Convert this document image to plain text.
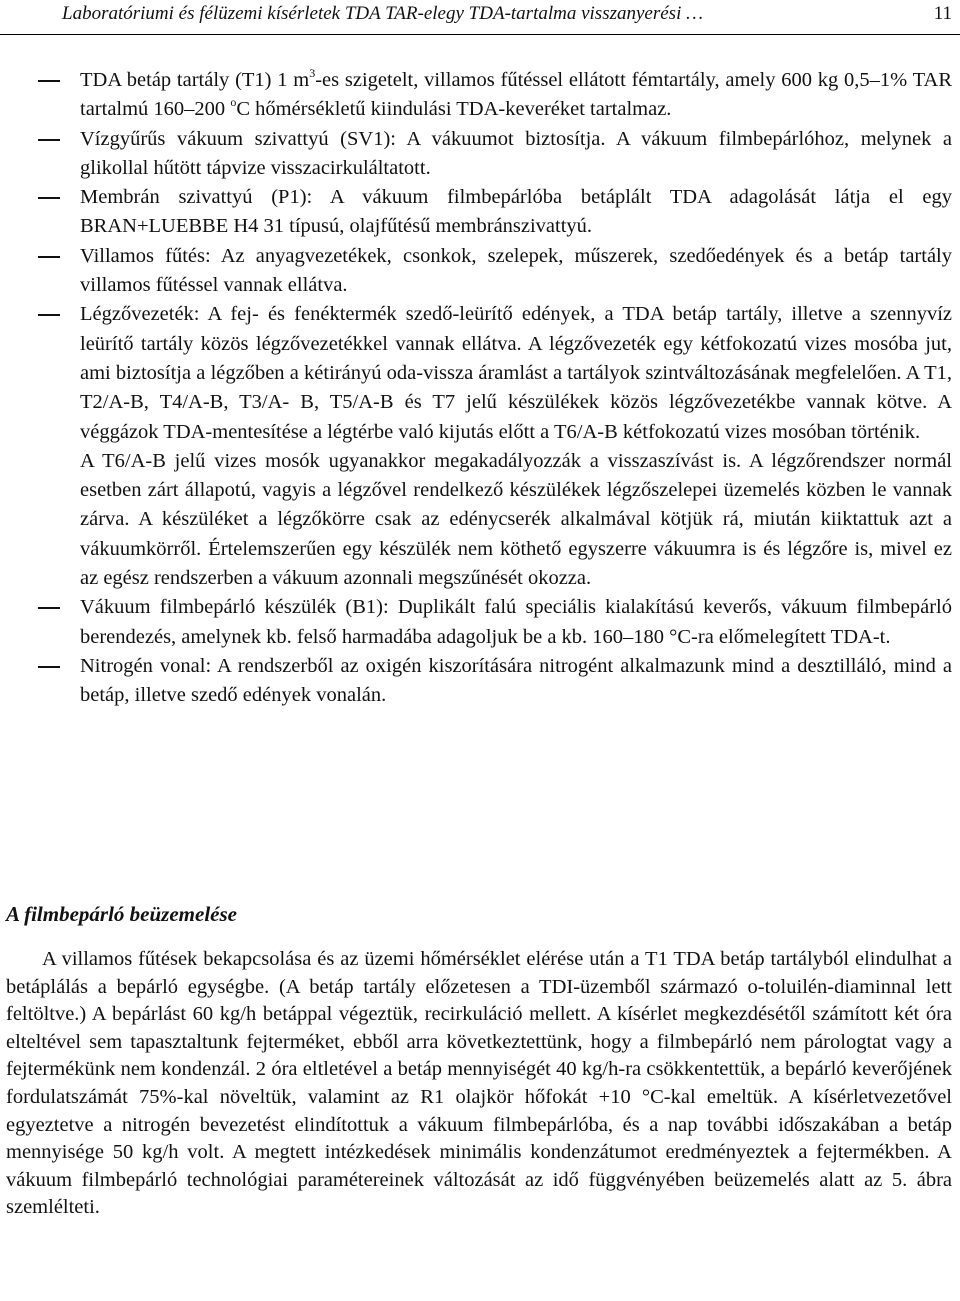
Laboratóriumi és félüzemi kísérletek TDA TAR-elegy TDA-tartalma visszanyerési …	11

TDA betáp tartály (T1) 1 $m^3-es$ szigetelt, villamos fűtéssel ellátott fémtartály, amely 600 kg 0,5–1% TAR tartalmú 160–200 $^o$C hőmérsékletű kiindulási TDA-keveréket tartalmaz.

Vízgyűrűs vákuum szivattyú (SV1): A vákuumot biztosítja. A vákuum filmbepárlóhoz, melynek a glikollal hűtött tápvize visszacirkuláltatott.

Membrán szivattyú (P1): A vákuum filmbepárlóba betáplált TDA adagolását látja el egy BRAN+LUEBBE H4 31 típusú, olajfűtésű membránszivattyú.

Villamos fűtés: Az anyagvezetékek, csonkok, szelepek, műszerek, szedőedények és a betáp tartály villamos fűtéssel vannak ellátva.

Légzővezeték: A fej- és fenéktermék szedő-leürítő edények, a TDA betáp tartály, illetve a szennyvíz leürítő tartály közös légzővezetékkel vannak ellátva. A légzővezeték egy kétfokozatú vizes mosóba jut, ami biztosítja a légzőben a kétirányú oda-vissza áramlást a tartályok szintváltozásának megfelelően. A T1, T2/A-B, T4/A-B, T3/A- B, T5/A-B és T7 jelű készülékek közös légzővezetékbe vannak kötve. A véggázok TDA-mentesítése a légtérbe való kijutás előtt a T6/A-B kétfokozatú vizes mosóban történik.

A T6/A-B jelű vizes mosók ugyanakkor megakadályozzák a visszaszívást is. A légzőrendszer normál esetben zárt állapotú, vagyis a légzővel rendelkező készülékek légzőszelepei üzemelés közben le vannak zárva. A készüléket a légzőkörre csak az edénycserék alkalmával kötjük rá, miután kiiktattuk azt a vákuumkörről. Értelemszerűen egy készülék nem köthető egyszerre vákuumra is és légzőre is, mivel ez az egész rendszerben a vákuum azonnali megszűnését okozza.

Vákuum filmbepárló készülék (B1): Duplikált falú speciális kialakítású keverős, vákuum filmbepárló berendezés, amelynek kb. felső harmadába adagoljuk be a kb. 160–180 °C-ra előmelegített TDA-t.

Nitrogén vonal: A rendszerből az oxigén kiszorítására nitrogént alkalmazunk mind a desztilláló, mind a betáp, illetve szedő edények vonalán.

A filmbepárló beüzemelése

A villamos fűtések bekapcsolása és az üzemi hőmérséklet elérése után a T1 TDA betáp tartályból elindulhat a betáplálás a bepárló egységbe. (A betáp tartály előzetesen a TDI-üzemből származó o-toluilén-diaminnal lett feltöltve.) A bepárlást 60 kg/h betáppal végeztük, recirkuláció mellett. A kísérlet megkezdésétől számított két óra elteltével sem tapasztaltunk fejterméket, ebből arra következtettünk, hogy a filmbepárló nem párologtat vagy a fejtermékünk nem kondenzál. 2 óra eltletével a betáp mennyiségét 40 kg/h-ra csökkentettük, a bepárló keverőjének fordulatszámát 75%-kal növeltük, valamint az R1 olajkör hőfokát +10 °C-kal emeltük. A kísérletvezetővel egyeztetve a nitrogén bevezetést elindítottuk a vákuum filmbepárlóba, és a nap további időszakában a betáp mennyisége 50 kg/h volt. A megtett intézkedések minimális kondenzátumot eredményeztek a fejtermékben. A vákuum filmbepárló technológiai paramétereinek változását az idő függvényében beüzemelés alatt az 5. ábra szemlélteti.
